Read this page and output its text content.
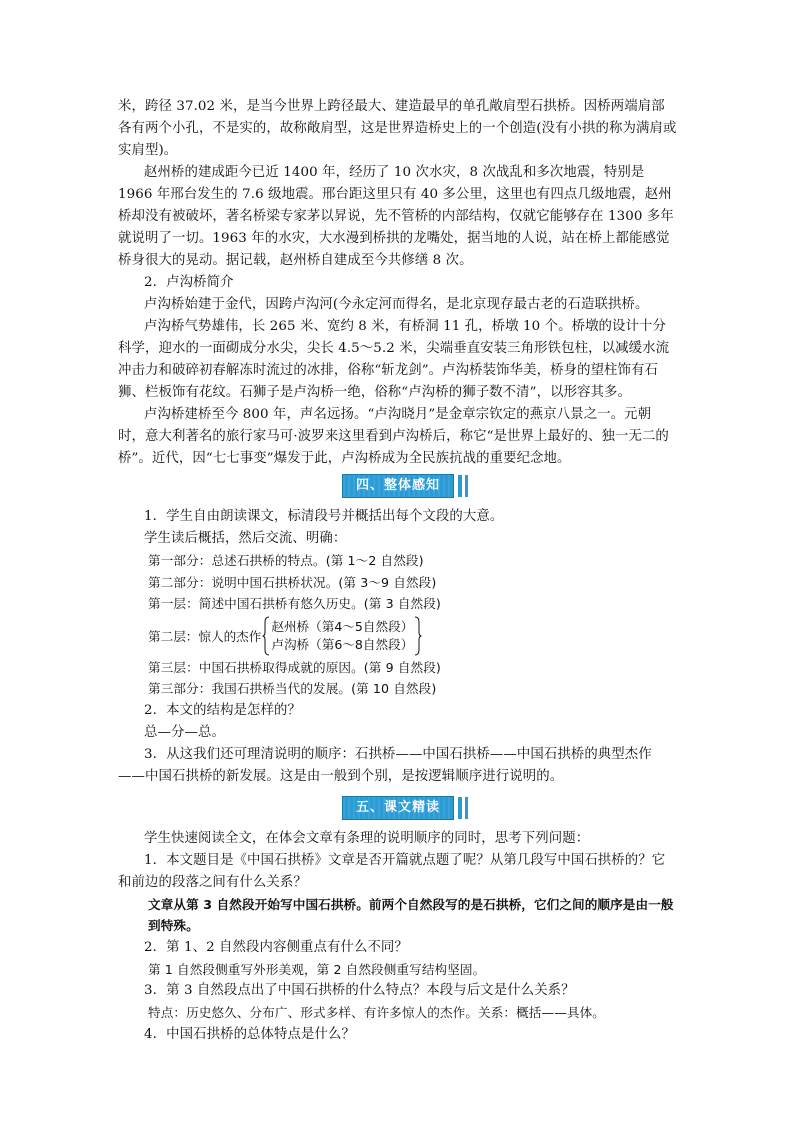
米，跨径 37.02 米，是当今世界上跨径最大、建造最早的单孔敞肩型石拱桥。因桥两端肩部各有两个小孔，不是实的，故称敞肩型，这是世界造桥史上的一个创造(没有小拱的称为满肩或实肩型)。

赵州桥的建成距今已近 1400 年，经历了 10 次水灾，8 次战乱和多次地震，特别是 1966 年邢台发生的 7.6 级地震。邢台距这里只有 40 多公里，这里也有四点几级地震，赵州桥却没有被破坏，著名桥梁专家茅以昇说，先不管桥的内部结构，仅就它能够存在 1300 多年就说明了一切。1963 年的水灾，大水漫到桥拱的龙嘴处，据当地的人说，站在桥上都能感觉桥身很大的晃动。据记载，赵州桥自建成至今共修缮 8 次。

2．卢沟桥简介

卢沟桥始建于金代，因跨卢沟河(今永定河而得名，是北京现存最古老的石造联拱桥。

卢沟桥气势雄伟，长 265 米、宽约 8 米，有桥洞 11 孔，桥墩 10 个。桥墩的设计十分科学，迎水的一面砌成分水尖，尖长 4.5～5.2 米，尖端垂直安装三角形铁包柱，以减缓水流冲击力和破碎初春解冻时流过的冰排，俗称“斩龙剑”。卢沟桥装饰华美，桥身的望柱饰有石狮、栏板饰有花纹。石狮子是卢沟桥一绝，俗称“卢沟桥的狮子数不清”，以形容其多。

卢沟桥建桥至今 800 年，声名远扬。“卢沟晓月”是金章宗钦定的燕京八景之一。元朝时，意大利著名的旅行家马可·波罗来这里看到卢沟桥后，称它“是世界上最好的、独一无二的桥”。近代，因“七七事变”爆发于此，卢沟桥成为全民族抗战的重要纪念地。

四、整体感知

1．学生自由朗读课文，标清段号并概括出每个文段的大意。

学生读后概括，然后交流、明确：

第一部分：总述石拱桥的特点。(第 1～2 自然段)

第二部分：说明中国石拱桥状况。(第 3～9 自然段)

第一层：简述中国石拱桥有悠久历史。(第 3 自然段)

第二层：惊人的杰作
赵州桥（第4～5自然段）
卢沟桥（第6～8自然段）

第三层：中国石拱桥取得成就的原因。(第 9 自然段)

第三部分：我国石拱桥当代的发展。(第 10 自然段)

2．本文的结构是怎样的？

总—分—总。

3．从这我们还可理清说明的顺序：石拱桥——中国石拱桥——中国石拱桥的典型杰作——中国石拱桥的新发展。这是由一般到个别，是按逻辑顺序进行说明的。

五、课文精读

学生快速阅读全文，在体会文章有条理的说明顺序的同时，思考下列问题：

1．本文题目是《中国石拱桥》文章是否开篇就点题了呢？从第几段写中国石拱桥的？它和前边的段落之间有什么关系？

文章从第 3 自然段开始写中国石拱桥。前两个自然段写的是石拱桥，它们之间的顺序是由一般到特殊。

2．第 1、2 自然段内容侧重点有什么不同？

第 1 自然段侧重写外形美观，第 2 自然段侧重写结构坚固。

3．第 3 自然段点出了中国石拱桥的什么特点？本段与后文是什么关系？

特点：历史悠久、分布广、形式多样、有许多惊人的杰作。关系：概括——具体。

4．中国石拱桥的总体特点是什么？
